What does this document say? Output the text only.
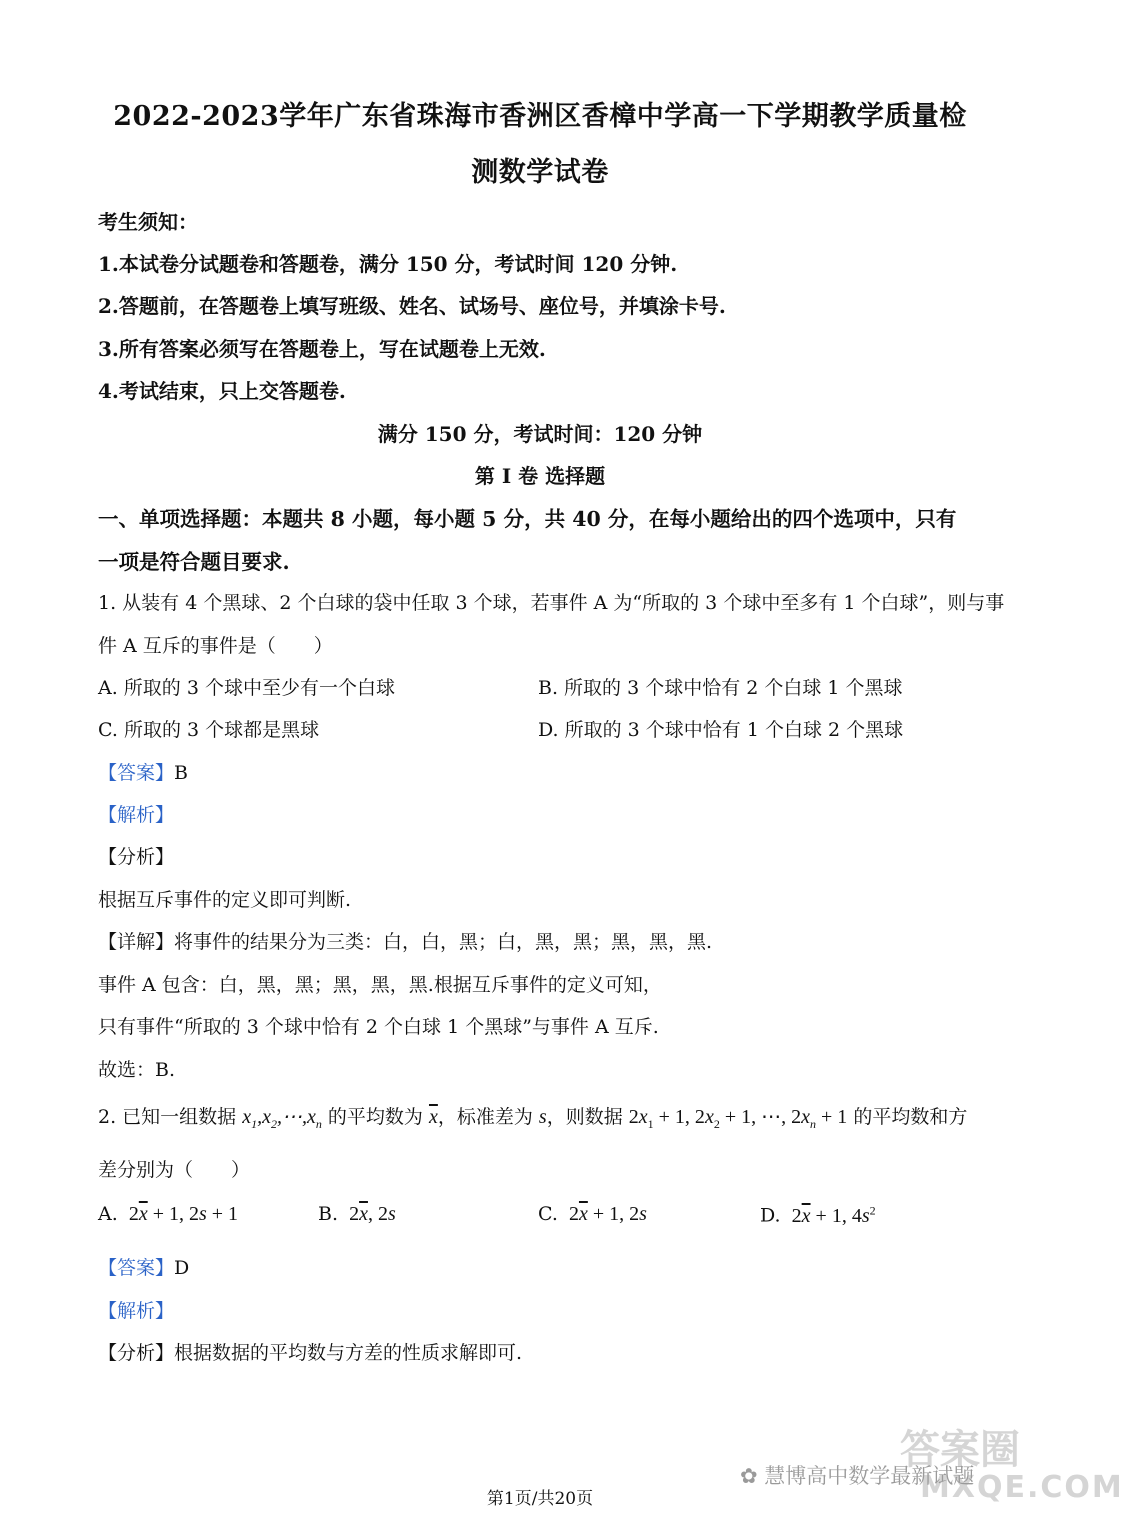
2022-2023学年广东省珠海市香洲区香樟中学高一下学期教学质量检
测数学试卷
考生须知：
1.本试卷分试题卷和答题卷，满分 150 分，考试时间 120 分钟.
2.答题前，在答题卷上填写班级、姓名、试场号、座位号，并填涂卡号.
3.所有答案必须写在答题卷上，写在试题卷上无效.
4.考试结束，只上交答题卷.
满分 150 分，考试时间：120 分钟
第 I 卷 选择题
一、单项选择题：本题共 8 小题，每小题 5 分，共 40 分，在每小题给出的四个选项中，只有
一项是符合题目要求.
1. 从装有 4 个黑球、2 个白球的袋中任取 3 个球，若事件 A 为“所取的 3 个球中至多有 1 个白球”，则与事
件 A 互斥的事件是（　　）
A. 所取的 3 个球中至少有一个白球	B. 所取的 3 个球中恰有 2 个白球 1 个黑球
C. 所取的 3 个球都是黑球	D. 所取的 3 个球中恰有 1 个白球 2 个黑球
【答案】B
【解析】
【分析】
根据互斥事件的定义即可判断.
【详解】将事件的结果分为三类：白，白，黑；白，黑，黑；黑，黑，黑.
事件 A 包含：白，黑，黑；黑，黑，黑.根据互斥事件的定义可知，
只有事件“所取的 3 个球中恰有 2 个白球 1 个黑球”与事件 A 互斥.
故选：B.
2. 已知一组数据 $x_1,x_2,\cdots,x_n$ 的平均数为 $\overline{x}$，标准差为 s，则数据 $2x_1 + 1$, $2x_2 + 1$, ⋯, $2x_n + 1$ 的平均数和方
差分别为（　　）
A.  $2\overline{x} + 1$, 2s + 1	B.  $2\overline{x}$, 2s	C.  $2\overline{x} + 1$, 2s	D.  $2\overline{x} + 1$, $4s^2$
【答案】D
【解析】
【分析】根据数据的平均数与方差的性质求解即可.
答案圈
MXQE.COM
✿ 慧博高中数学最新试题
第1页/共20页
